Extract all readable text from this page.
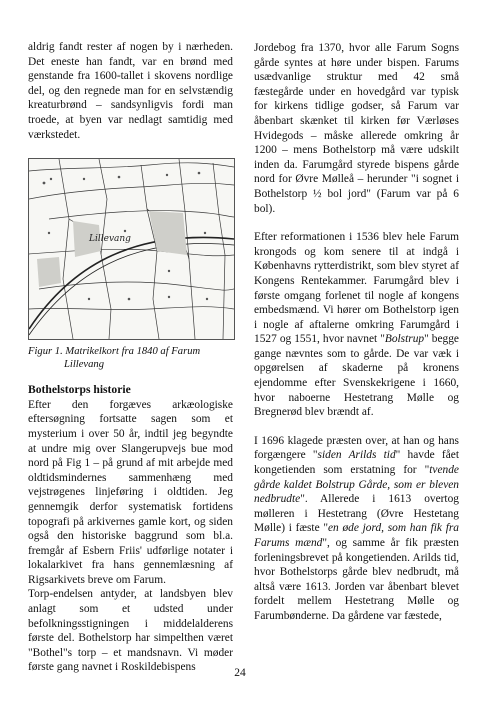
aldrig fandt rester af nogen by i nærheden. Det eneste han fandt, var en brønd med genstande fra 1600-tallet i skovens nordlige del, og den regnede man for en selvstændig kreaturbrønd – sandsynligvis fordi man troede, at byen var nedlagt samtidig med værkstedet.

Lillevang
Figur 1. Matrikelkort fra 1840 af Farum
Lillevang
Bothelstorps historie

Efter den forgæves arkæologiske eftersøgning fortsatte sagen som et mysterium i over 50 år, indtil jeg begyndte at undre mig over Slangerupvejs bue mod nord på Fig 1 – på grund af mit arbejde med oldtidsmindernes sammenhæng med vejstrøgenes linjeføring i oldtiden. Jeg gennemgik derfor systematisk fortidens topografi på arkivernes gamle kort, og siden også den historiske baggrund som bl.a. fremgår af Esbern Friis' udførlige notater i lokalarkivet fra hans gennemlæsning af Rigsarkivets breve om Farum.

Torp-endelsen antyder, at landsbyen blev anlagt som et udsted under befolkningsstigningen i middelalderens første del. Bothelstorp har simpelthen været "Bothel"s torp – et mandsnavn. Vi møder første gang navnet i Roskildebispens

Jordebog fra 1370, hvor alle Farum Sogns gårde syntes at høre under bispen. Farums usædvanlige struktur med 42 små fæstegårde under en hovedgård var typisk for kirkens tidlige godser, så Farum var åbenbart skænket til kirken før Værløses Hvidegods – måske allerede omkring år 1200 – mens Bothelstorp må være udskilt inden da. Farumgård styrede bispens gårde nord for Øvre Mølleå – herunder "i sognet i Bothelstorp ½ bol jord" (Farum var på 6 bol).

Efter reformationen i 1536 blev hele Farum krongods og kom senere til at indgå i Københavns rytterdistrikt, som blev styret af Kongens Rentekammer. Farumgård blev i første omgang forlenet til nogle af kongens embedsmænd. Vi hører om Bothelstorp igen i nogle af aftalerne omkring Farumgård i 1527 og 1551, hvor navnet "Bolstrup" begge gange nævntes som to gårde. De var væk i opgørelsen af skaderne på kronens ejendomme efter Svenskekrigene i 1660, hvor naboerne Hestetrang Mølle og Bregnerød blev brændt af.

I 1696 klagede præsten over, at han og hans forgængere "siden Arilds tid" havde fået kongetienden som erstatning for "tvende gårde kaldet Bolstrup Gårde, som er bleven nedbrudte". Allerede i 1613 overtog mølleren i Hestetrang (Øvre Hestetang Mølle) i fæste "en øde jord, som han fik fra Farums mænd", og samme år fik præsten forleningsbrevet på kongetienden. Arilds tid, hvor Bothelstorps gårde blev nedbrudt, må altså være 1613. Jorden var åbenbart blevet fordelt mellem Hestetrang Mølle og Farumbønderne. Da gårdene var fæstede,

24
